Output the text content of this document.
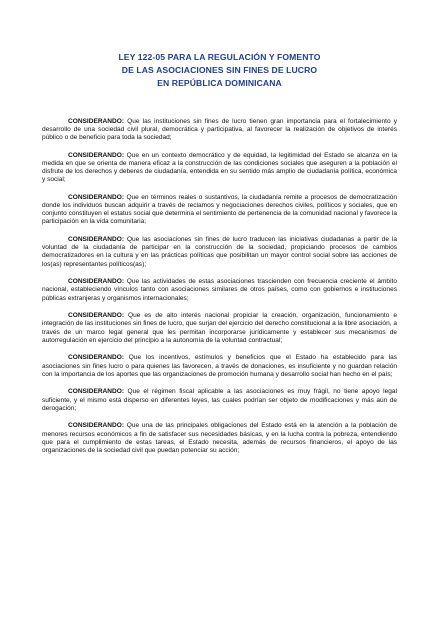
LEY 122-05 PARA LA REGULACIÓN Y FOMENTO
DE LAS ASOCIACIONES SIN FINES DE LUCRO
EN REPÚBLICA DOMINICANA

CONSIDERANDO: Que las instituciones sin fines de lucro tienen gran importancia para el fortalecimiento y desarrollo de una sociedad civil plural, democrática y participativa, al favorecer la realización de objetivos de interés público o de beneficio para toda la sociedad;

CONSIDERANDO: Que en un contexto democrático y de equidad, la legitimidad del Estado se alcanza en la medida en que se orienta de manera eficaz a la construcción de las condiciones sociales que aseguren a la población el disfrute de los derechos y deberes de ciudadanía, entendida en su sentido más amplio de ciudadanía política, económica y social;

CONSIDERANDO: Que en términos reales o sustantivos, la ciudadanía remite a procesos de democratización donde los individuos buscan adquirir a través de reclamos y negociaciones derechos civiles, políticos y sociales, que en conjunto constituyen el estatus social que determina el sentimiento de pertenencia de la comunidad nacional y favorece la participación en la vida comunitaria;

CONSIDERANDO: Que las asociaciones sin fines de lucro traducen las iniciativas ciudadanas a partir de la voluntad de la ciudadanía de participar en la construcción de la sociedad, propiciando procesos de cambios democratizadores en la cultura y en las prácticas políticas que posibilitan un mayor control social sobre las acciones de los(as) representantes políticos(as);

CONSIDERANDO: Que las actividades de estas asociaciones trascienden con frecuencia creciente el ámbito nacional, estableciendo vínculos tanto con asociaciones similares de otros países, como con gobiernos e instituciones públicas extranjeras y organismos internacionales;

CONSIDERANDO: Que es de alto interés nacional propiciar la creación, organización, funcionamiento e integración de las instituciones sin fines de lucro, que surjan del ejercicio del derecho constitucional a la libre asociación, a través de un marco legal general que les permitan incorporarse jurídicamente y establecer sus mecanismos de autorregulación en ejercicio del principio a la autonomía de la voluntad contractual;

CONSIDERANDO: Que los incentivos, estímulos y beneficios que el Estado ha establecido para las asociaciones sin fines lucro o para quienes las favorecen, a través de donaciones, es insuficiente y no guardan relación con la importancia de los aportes que las organizaciones de promoción humana y desarrollo social han hecho en el país;

CONSIDERANDO: Que el régimen fiscal aplicable a las asociaciones es muy frágil, no tiene apoyo legal suficiente, y el mismo está disperso en diferentes leyes, las cuales podrían ser objeto de modificaciones y más aún de derogación;

CONSIDERANDO: Que una de las principales obligaciones del Estado está en la atención a la población de menores recursos económicos a fin de satisfacer sus necesidades básicas, y en la lucha contra la pobreza, entendiendo que para el cumplimiento de estas tareas, el Estado necesita, además de recursos financieros, el apoyo de las organizaciones de la sociedad civil que puedan potenciar su acción;
